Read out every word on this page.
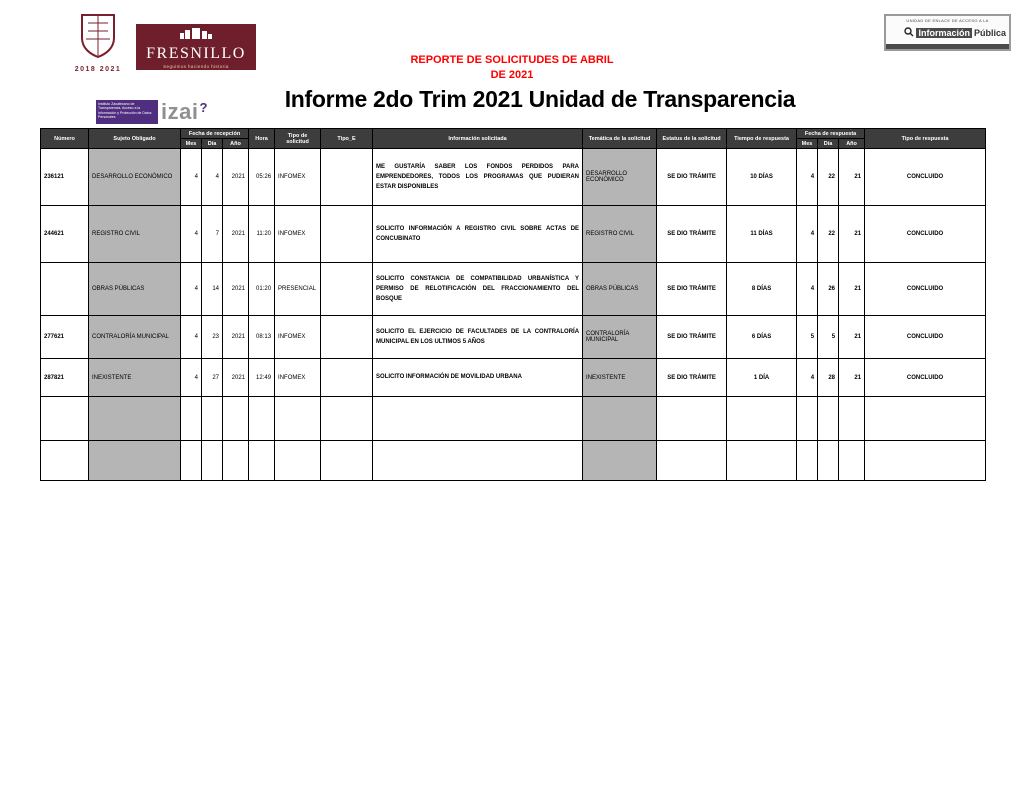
2018 2021
FRESNILLO
Seguimos haciendo historia
UNIDAD DE ENLACE DE ACCESO A LA
Información Pública
REPORTE DE SOLICITUDES DE ABRIL
DE 2021
Informe 2do Trim 2021 Unidad de Transparencia
Instituto Zacatecano de Transparencia, Acceso a la Información y Protección de Datos Personales	izai ?
Número	Sujeto Obligado	Fecha de recepción			Hora	Tipo de solicitud	Tipo_E	Información solicitada	Temática de la solicitud	Estatus de la solicitud	Tiempo de respuesta	Fecha de respuesta			Tipo de respuesta
		Mes	Día	Año								Mes	Día	Año	
236121	DESARROLLO ECONÓMICO	4	4	2021	05:26	INFOMEX		ME GUSTARÍA SABER LOS FONDOS PERDIDOS PARA EMPRENDEDORES, TODOS LOS PROGRAMAS QUE PUDIERAN ESTAR DISPONIBLES	DESARROLLO ECONÓMICO	SE DIO TRÁMITE	10 DÍAS	4	22	21	CONCLUIDO
244621	REGISTRO CIVIL	4	7	2021	11:20	INFOMEX		SOLICITO INFORMACIÓN A REGISTRO CIVIL SOBRE ACTAS DE CONCUBINATO	REGISTRO CIVIL	SE DIO TRÁMITE	11 DÍAS	4	22	21	CONCLUIDO
	OBRAS PÚBLICAS	4	14	2021	01:20	PRESENCIAL		SOLICITO CONSTANCIA DE COMPATIBILIDAD URBANÍSTICA Y PERMISO DE RELOTIFICACIÓN DEL FRACCIONAMIENTO DEL BOSQUE	OBRAS PÚBLICAS	SE DIO TRÁMITE	8 DÍAS	4	26	21	CONCLUIDO
277621	CONTRALORÍA MUNICIPAL	4	23	2021	08:13	INFOMEX		SOLICITO EL EJERCICIO DE FACULTADES DE LA CONTRALORÍA MUNICIPAL EN LOS ULTIMOS 5 AÑOS	CONTRALORÍA MUNICIPAL	SE DIO TRÁMITE	6 DÍAS	5	5	21	CONCLUIDO
287821	INEXISTENTE	4	27	2021	12:49	INFOMEX		SOLICITO INFORMACIÓN DE MOVILIDAD URBANA	INEXISTENTE	SE DIO TRÁMITE	1 DÍA	4	28	21	CONCLUIDO
